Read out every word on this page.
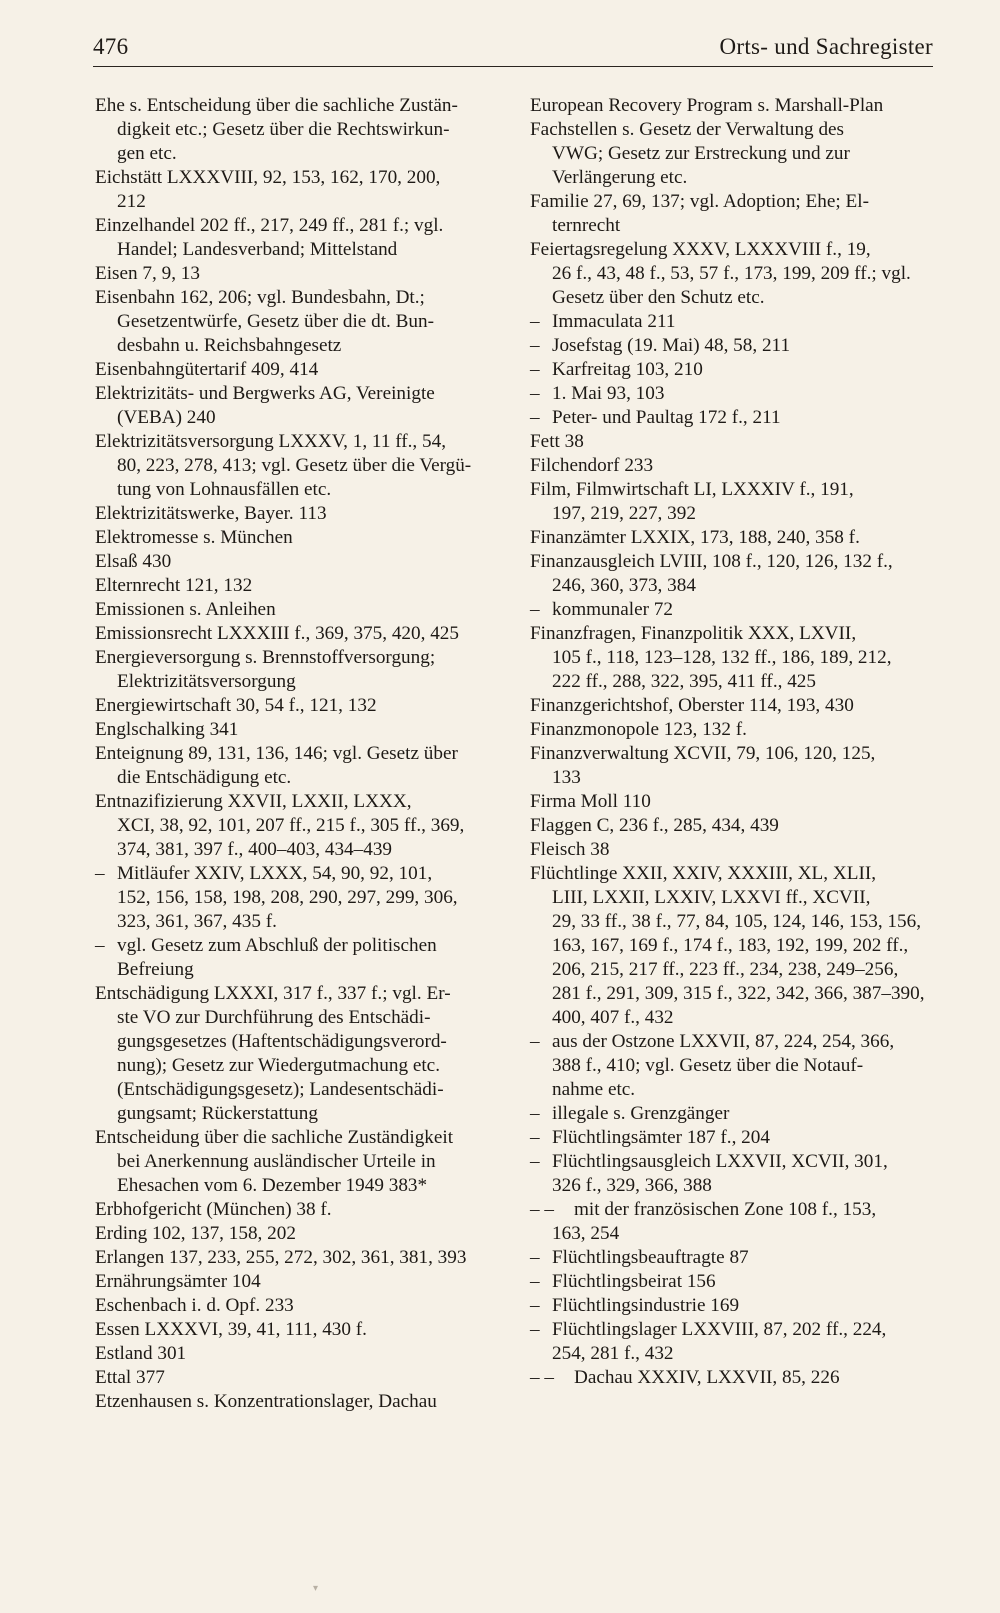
476	Orts- und Sachregister

Ehe s. Entscheidung über die sachliche Zustän-

digkeit etc.; Gesetz über die Rechtswirkun-

gen etc.

Eichstätt LXXXVIII, 92, 153, 162, 170, 200,

212

Einzelhandel 202 ff., 217, 249 ff., 281 f.; vgl.

Handel; Landesverband; Mittelstand

Eisen 7, 9, 13

Eisenbahn 162, 206; vgl. Bundesbahn, Dt.;

Gesetzentwürfe, Gesetz über die dt. Bun-

desbahn u. Reichsbahngesetz

Eisenbahngütertarif 409, 414

Elektrizitäts- und Bergwerks AG, Vereinigte

(VEBA) 240

Elektrizitätsversorgung LXXXV, 1, 11 ff., 54,

80, 223, 278, 413; vgl. Gesetz über die Vergü-

tung von Lohnausfällen etc.

Elektrizitätswerke, Bayer. 113

Elektromesse s. München

Elsaß 430

Elternrecht 121, 132

Emissionen s. Anleihen

Emissionsrecht LXXXIII f., 369, 375, 420, 425

Energieversorgung s. Brennstoffversorgung;

Elektrizitätsversorgung

Energiewirtschaft 30, 54 f., 121, 132

Englschalking 341

Enteignung 89, 131, 136, 146; vgl. Gesetz über

die Entschädigung etc.

Entnazifizierung XXVII, LXXII, LXXX,

XCI, 38, 92, 101, 207 ff., 215 f., 305 ff., 369,

374, 381, 397 f., 400–403, 434–439

– Mitläufer XXIV, LXXX, 54, 90, 92, 101,

152, 156, 158, 198, 208, 290, 297, 299, 306,

323, 361, 367, 435 f.

– vgl. Gesetz zum Abschluß der politischen

Befreiung

Entschädigung LXXXI, 317 f., 337 f.; vgl. Er-

ste VO zur Durchführung des Entschädi-

gungsgesetzes (Haftentschädigungsverord-

nung); Gesetz zur Wiedergutmachung etc.

(Entschädigungsgesetz); Landesentschädi-

gungsamt; Rückerstattung

Entscheidung über die sachliche Zuständigkeit

bei Anerkennung ausländischer Urteile in

Ehesachen vom 6. Dezember 1949 383*

Erbhofgericht (München) 38 f.

Erding 102, 137, 158, 202

Erlangen 137, 233, 255, 272, 302, 361, 381, 393

Ernährungsämter 104

Eschenbach i. d. Opf. 233

Essen LXXXVI, 39, 41, 111, 430 f.

Estland 301

Ettal 377

Etzenhausen s. Konzentrationslager, Dachau

European Recovery Program s. Marshall-Plan

Fachstellen s. Gesetz der Verwaltung des

VWG; Gesetz zur Erstreckung und zur

Verlängerung etc.

Familie 27, 69, 137; vgl. Adoption; Ehe; El-

ternrecht

Feiertagsregelung XXXV, LXXXVIII f., 19,

26 f., 43, 48 f., 53, 57 f., 173, 199, 209 ff.; vgl.

Gesetz über den Schutz etc.

– Immaculata 211

– Josefstag (19. Mai) 48, 58, 211

– Karfreitag 103, 210

– 1. Mai 93, 103

– Peter- und Paultag 172 f., 211

Fett 38

Filchendorf 233

Film, Filmwirtschaft LI, LXXXIV f., 191,

197, 219, 227, 392

Finanzämter LXXIX, 173, 188, 240, 358 f.

Finanzausgleich LVIII, 108 f., 120, 126, 132 f.,

246, 360, 373, 384

– kommunaler 72

Finanzfragen, Finanzpolitik XXX, LXVII,

105 f., 118, 123–128, 132 ff., 186, 189, 212,

222 ff., 288, 322, 395, 411 ff., 425

Finanzgerichtshof, Oberster 114, 193, 430

Finanzmonopole 123, 132 f.

Finanzverwaltung XCVII, 79, 106, 120, 125,

133

Firma Moll 110

Flaggen C, 236 f., 285, 434, 439

Fleisch 38

Flüchtlinge XXII, XXIV, XXXIII, XL, XLII,

LIII, LXXII, LXXIV, LXXVI ff., XCVII,

29, 33 ff., 38 f., 77, 84, 105, 124, 146, 153, 156,

163, 167, 169 f., 174 f., 183, 192, 199, 202 ff.,

206, 215, 217 ff., 223 ff., 234, 238, 249–256,

281 f., 291, 309, 315 f., 322, 342, 366, 387–390,

400, 407 f., 432

– aus der Ostzone LXXVII, 87, 224, 254, 366,

388 f., 410; vgl. Gesetz über die Notauf-

nahme etc.

– illegale s. Grenzgänger

– Flüchtlingsämter 187 f., 204

– Flüchtlingsausgleich LXXVII, XCVII, 301,

326 f., 329, 366, 388

– – mit der französischen Zone 108 f., 153,

163, 254

– Flüchtlingsbeauftragte 87

– Flüchtlingsbeirat 156

– Flüchtlingsindustrie 169

– Flüchtlingslager LXXVIII, 87, 202 ff., 224,

254, 281 f., 432

– – Dachau XXXIV, LXXVII, 85, 226

▾
